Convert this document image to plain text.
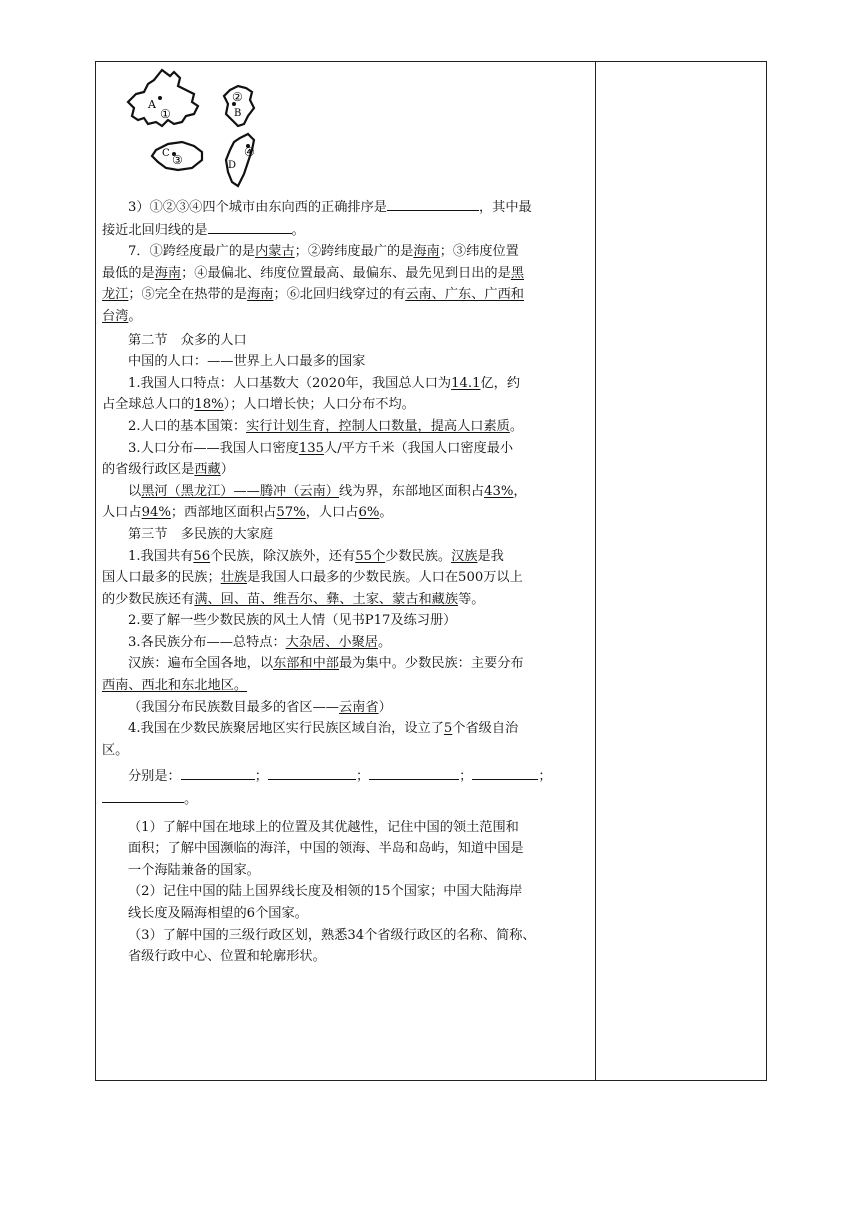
A
①
②
B
C ③
④
D

3）①②③④四个城市由东向西的正确排序是	，其中最

接近北回归线的是	。

7．①跨经度最广的是内蒙古；②跨纬度最广的是海南；③纬度位置

最低的是海南；④最偏北、纬度位置最高、最偏东、最先见到日出的是黑

龙江；⑤完全在热带的是海南；⑥北回归线穿过的有云南、广东、广西和

台湾。

第二节　众多的人口

中国的人口：——世界上人口最多的国家

1.我国人口特点：人口基数大（2020年，我国总人口为14.1亿，约

占全球总人口的18%）；人口增长快；人口分布不均。

2.人口的基本国策：实行计划生育，控制人口数量，提高人口素质。

3.人口分布——我国人口密度135人/平方千米（我国人口密度最小

的省级行政区是西藏）

以黑河（黑龙江）——腾冲（云南）线为界，东部地区面积占43%，

人口占94%；西部地区面积占57%，人口占6%。

第三节　多民族的大家庭

1.我国共有56个民族，除汉族外，还有55个少数民族。汉族是我

国人口最多的民族；壮族是我国人口最多的少数民族。人口在500万以上

的少数民族还有满、回、苗、维吾尔、彝、土家、蒙古和藏族等。

2.要了解一些少数民族的风土人情（见书P17及练习册）

3.各民族分布——总特点：大杂居、小聚居。

汉族：遍布全国各地，以东部和中部最为集中。少数民族：主要分布

西南、西北和东北地区。

（我国分布民族数目最多的省区——云南省）

4.我国在少数民族聚居地区实行民族区域自治，设立了5个省级自治

区。

分别是：	；	；	；	；

。

（1）了解中国在地球上的位置及其优越性，记住中国的领土范围和

面积；了解中国濒临的海洋，中国的领海、半岛和岛屿，知道中国是

一个海陆兼备的国家。

（2）记住中国的陆上国界线长度及相领的15个国家；中国大陆海岸

线长度及隔海相望的6个国家。

（3）了解中国的三级行政区划，熟悉34个省级行政区的名称、简称、

省级行政中心、位置和轮廓形状。
